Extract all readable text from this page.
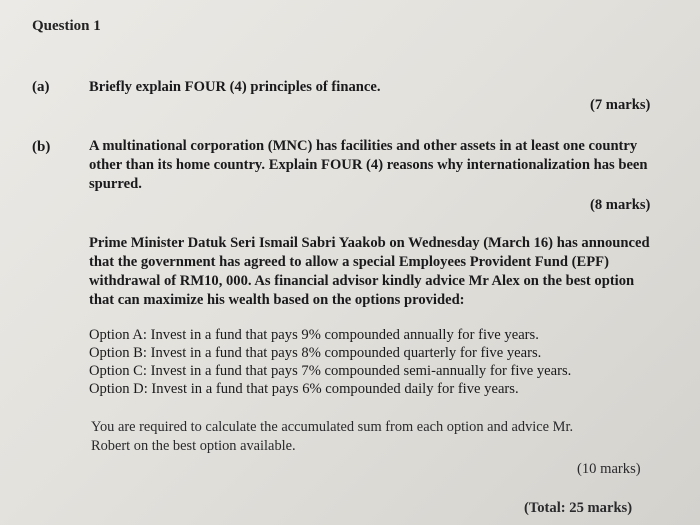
Question 1
(a)	Briefly explain FOUR (4) principles of finance.
(7 marks)
(b)	A multinational corporation (MNC) has facilities and other assets in at least one country
other than its home country. Explain FOUR (4) reasons why internationalization has been
spurred.
(8 marks)
Prime Minister Datuk Seri Ismail Sabri Yaakob on Wednesday (March 16) has announced
that the government has agreed to allow a special Employees Provident Fund (EPF)
withdrawal of RM10, 000. As financial advisor kindly advice Mr Alex on the best option
that can maximize his wealth based on the options provided:
Option A: Invest in a fund that pays 9% compounded annually for five years.
Option B: Invest in a fund that pays 8% compounded quarterly for five years.
Option C: Invest in a fund that pays 7% compounded semi-annually for five years.
Option D: Invest in a fund that pays 6% compounded daily for five years.
You are required to calculate the accumulated sum from each option and advice Mr.
Robert on the best option available.
(10 marks)
(Total: 25 marks)
